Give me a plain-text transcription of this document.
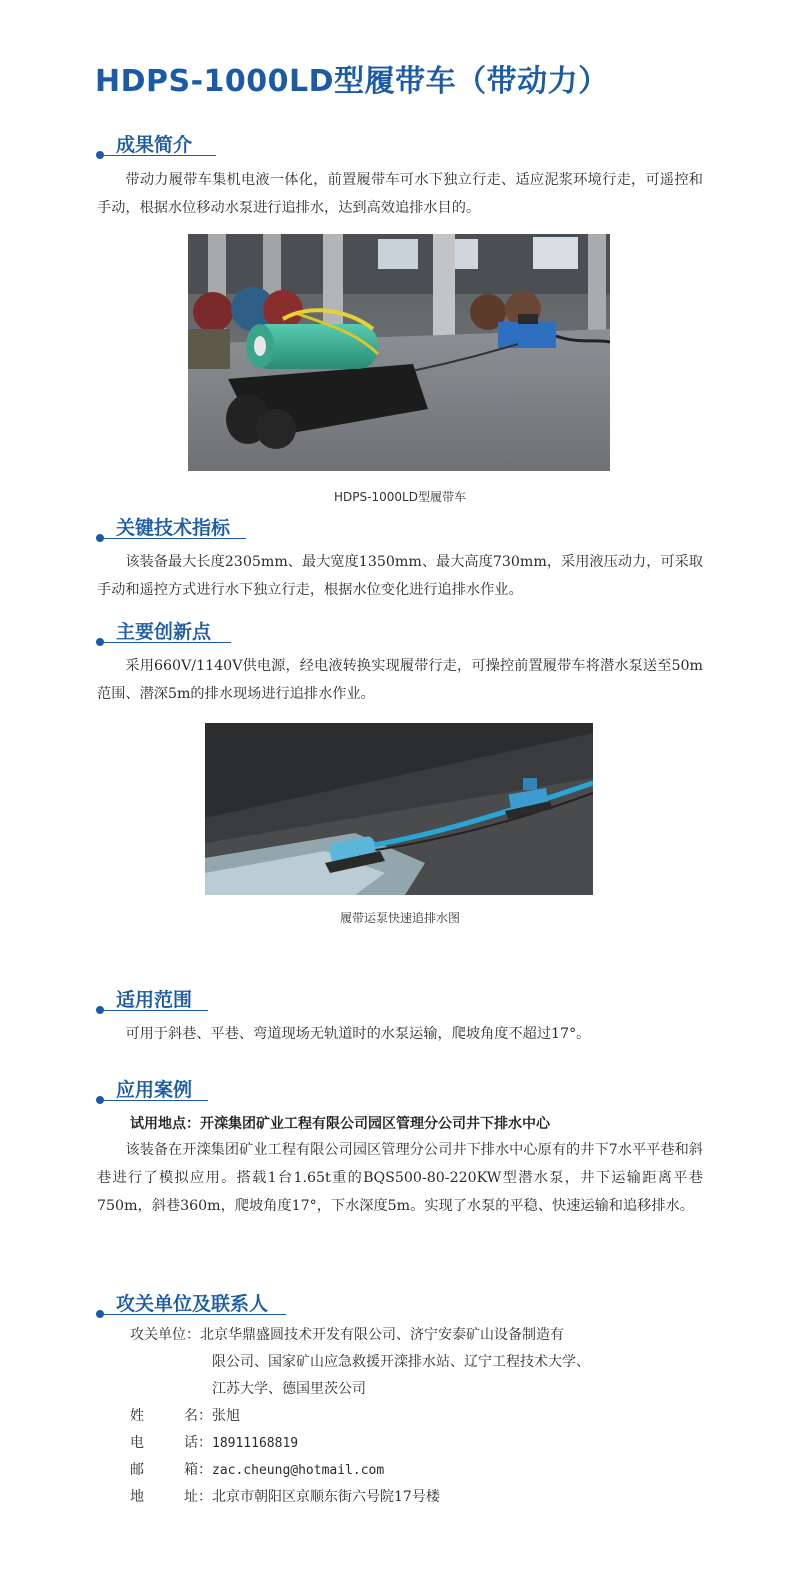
HDPS-1000LD型履带车（带动力）
成果简介

带动力履带车集机电液一体化，前置履带车可水下独立行走、适应泥浆环境行走，可遥控和手动，根据水位移动水泵进行追排水，达到高效追排水目的。

HDPS-1000LD型履带车
关键技术指标

该装备最大长度2305mm、最大宽度1350mm、最大高度730mm，采用液压动力，可采取手动和遥控方式进行水下独立行走，根据水位变化进行追排水作业。

主要创新点

采用660V/1140V供电源，经电液转换实现履带行走，可操控前置履带车将潜水泵送至50m范围、潜深5m的排水现场进行追排水作业。

履带运泵快速追排水图
适用范围

可用于斜巷、平巷、弯道现场无轨道时的水泵运输，爬坡角度不超过17°。

应用案例
试用地点：开滦集团矿业工程有限公司园区管理分公司井下排水中心

该装备在开滦集团矿业工程有限公司园区管理分公司井下排水中心原有的井下7水平平巷和斜巷进行了模拟应用。搭载1台1.65t重的BQS500-80-220KW型潜水泵，井下运输距离平巷750m，斜巷360m，爬坡角度17°，下水深度5m。实现了水泵的平稳、快速运输和追移排水。

攻关单位及联系人
攻关单位： 北京华鼎盛圆技术开发有限公司、济宁安泰矿山设备制造有
限公司、国家矿山应急救援开滦排水站、辽宁工程技术大学、
江苏大学、德国里茨公司
姓	名： 张旭
电	话： 18911168819
邮	箱： zac.cheung@hotmail.com
地	址： 北京市朝阳区京顺东街六号院17号楼
